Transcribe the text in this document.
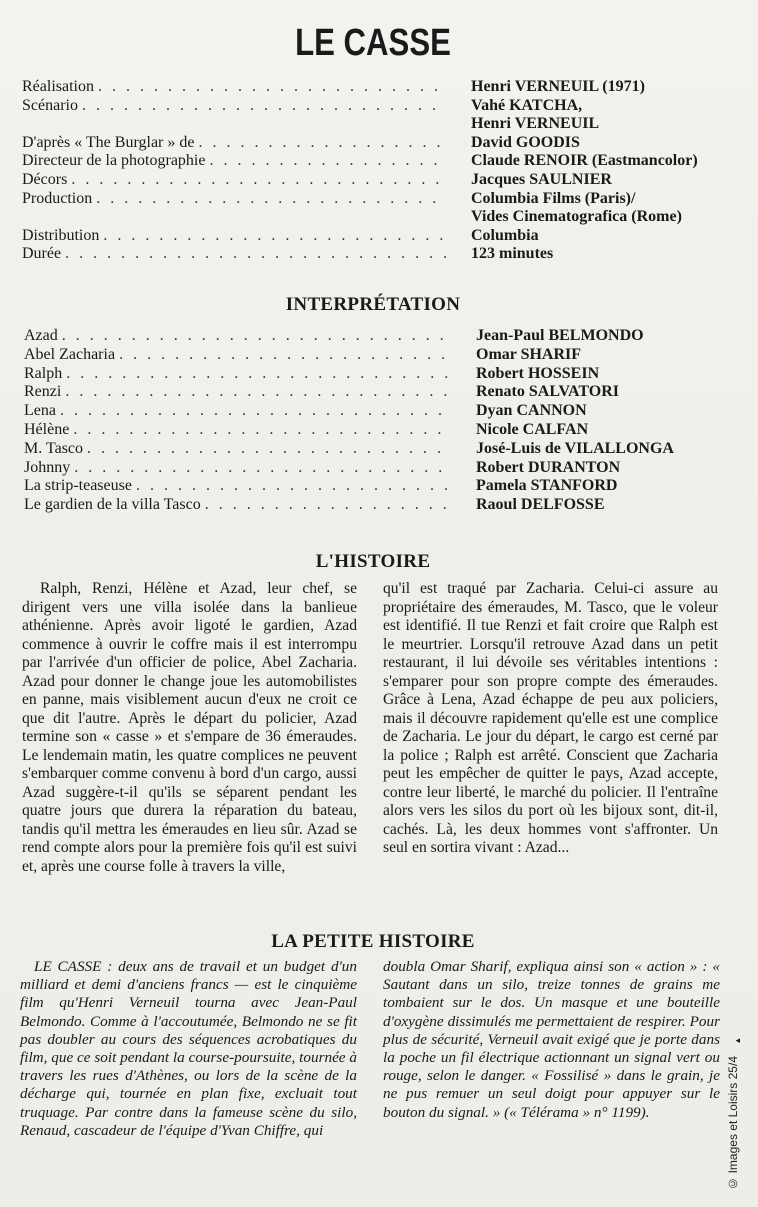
LE CASSE
Réalisation . . .	Henri VERNEUIL (1971)
Scénario . . .	Vahé KATCHA,
Henri VERNEUIL
D'après « The Burglar » de . . .	David GOODIS
Directeur de la photographie . . .	Claude RENOIR (Eastmancolor)
Décors . . .	Jacques SAULNIER
Production . . .	Columbia Films (Paris)/
Vides Cinematografica (Rome)
Distribution . . .	Columbia
Durée . . .	123 minutes
INTERPRÉTATION
Azad . . .	Jean-Paul BELMONDO
Abel Zacharia . . .	Omar SHARIF
Ralph . . .	Robert HOSSEIN
Renzi . . .	Renato SALVATORI
Lena . . .	Dyan CANNON
Hélène . . .	Nicole CALFAN
M. Tasco . . .	José-Luis de VILALLONGA
Johnny . . .	Robert DURANTON
La strip-teaseuse . . .	Pamela STANFORD
Le gardien de la villa Tasco . . .	Raoul DELFOSSE
L'HISTOIRE

Ralph, Renzi, Hélène et Azad, leur chef, se dirigent vers une villa isolée dans la banlieue athénienne. Après avoir ligoté le gardien, Azad commence à ouvrir le coffre mais il est interrompu par l'arrivée d'un officier de police, Abel Zacharia. Azad pour donner le change joue les automobilistes en panne, mais visiblement aucun d'eux ne croit ce que dit l'autre. Après le départ du policier, Azad termine son « casse » et s'empare de 36 émeraudes. Le lendemain matin, les quatre complices ne peuvent s'embarquer comme convenu à bord d'un cargo, aussi Azad suggère-t-il qu'ils se séparent pendant les quatre jours que durera la réparation du bateau, tandis qu'il mettra les émeraudes en lieu sûr. Azad se rend compte alors pour la première fois qu'il est suivi et, après une course folle à travers la ville,

qu'il est traqué par Zacharia. Celui-ci assure au propriétaire des émeraudes, M. Tasco, que le voleur est identifié. Il tue Renzi et fait croire que Ralph est le meurtrier. Lorsqu'il retrouve Azad dans un petit restaurant, il lui dévoile ses véritables intentions : s'emparer pour son propre compte des émeraudes. Grâce à Lena, Azad échappe de peu aux policiers, mais il découvre rapidement qu'elle est une complice de Zacharia. Le jour du départ, le cargo est cerné par la police ; Ralph est arrêté. Conscient que Zacharia peut les empêcher de quitter le pays, Azad accepte, contre leur liberté, le marché du policier. Il l'entraîne alors vers les silos du port où les bijoux sont, dit-il, cachés. Là, les deux hommes vont s'affronter. Un seul en sortira vivant : Azad...

LA PETITE HISTOIRE

LE CASSE : deux ans de travail et un budget d'un milliard et demi d'anciens francs — est le cinquième film qu'Henri Verneuil tourna avec Jean-Paul Belmondo. Comme à l'accoutumée, Belmondo ne se fit pas doubler au cours des séquences acrobatiques du film, que ce soit pendant la course-poursuite, tournée à travers les rues d'Athènes, ou lors de la scène de la décharge qui, tournée en plan fixe, excluait tout truquage. Par contre dans la fameuse scène du silo, Renaud, cascadeur de l'équipe d'Yvan Chiffre, qui

doubla Omar Sharif, expliqua ainsi son « action » : « Sautant dans un silo, treize tonnes de grains me tombaient sur le dos. Un masque et une bouteille d'oxygène dissimulés me permettaient de respirer. Pour plus de sécurité, Verneuil avait exigé que je porte dans la poche un fil électrique actionnant un signal vert ou rouge, selon le danger. « Fossilisé » dans le grain, je ne pus remuer un seul doigt pour appuyer sur le bouton du signal. » (« Télérama » n° 1199).

◂
© Images et Loisirs 25/4
